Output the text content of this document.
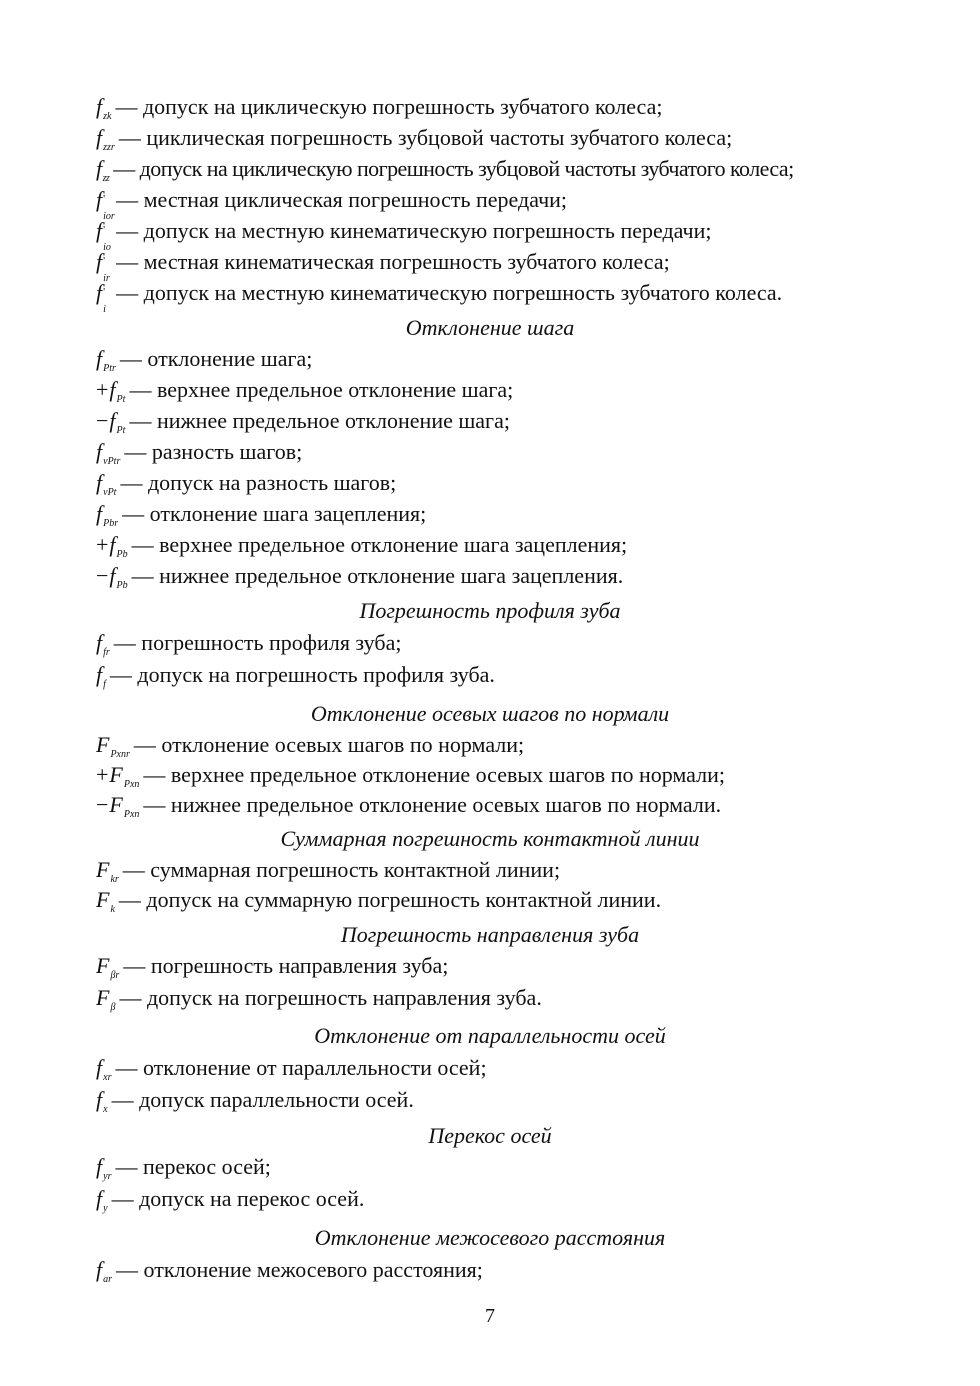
$f_{zk}$ — допуск на циклическую погрешность зубчатого колеса;
$f_{zzr}$ — циклическая погрешность зубцовой частоты зубчатого колеса;
$f_{zz}$ — допуск на циклическую погрешность зубцовой частоты зубчатого колеса;
f '
ior
— местная циклическая погрешность передачи;
f '
io
— допуск на местную кинематическую погрешность передачи;
f '
ir
— местная кинематическая погрешность зубчатого колеса;
f '
i
— допуск на местную кинематическую погрешность зубчатого колеса.
Отклонение шага
$f_{Ptr}$ — отклонение шага;
$+f_{Pt}$ — верхнее предельное отклонение шага;
$-f_{Pt}$ — нижнее предельное отклонение шага;
$f_{vPtr}$ — разность шагов;
$f_{vPt}$ — допуск на разность шагов;
$f_{Pbr}$ — отклонение шага зацепления;
$+f_{Pb}$ — верхнее предельное отклонение шага зацепления;
$-f_{Pb}$ — нижнее предельное отклонение шага зацепления.
Погрешность профиля зуба
$f_{fr}$ — погрешность профиля зуба;
$f_f$ — допуск на погрешность профиля зуба.
Отклонение осевых шагов по нормали
$F_{Pxnr}$ — отклонение осевых шагов по нормали;
$+F_{Pxn}$ — верхнее предельное отклонение осевых шагов по нормали;
$-F_{Pxn}$ — нижнее предельное отклонение осевых шагов по нормали.
Суммарная погрешность контактной линии
$F_{kr}$ — суммарная погрешность контактной линии;
$F_k$ — допуск на суммарную погрешность контактной линии.
Погрешность направления зуба
$F_{\beta r}$ — погрешность направления зуба;
$F_\beta$ — допуск на погрешность направления зуба.
Отклонение от параллельности осей
$f_{xr}$ — отклонение от параллельности осей;
$f_x$ — допуск параллельности осей.
Перекос осей
$f_{yr}$ — перекос осей;
$f_y$ — допуск на перекос осей.
Отклонение межосевого расстояния
$f_{ar}$ — отклонение межосевого расстояния;
7
